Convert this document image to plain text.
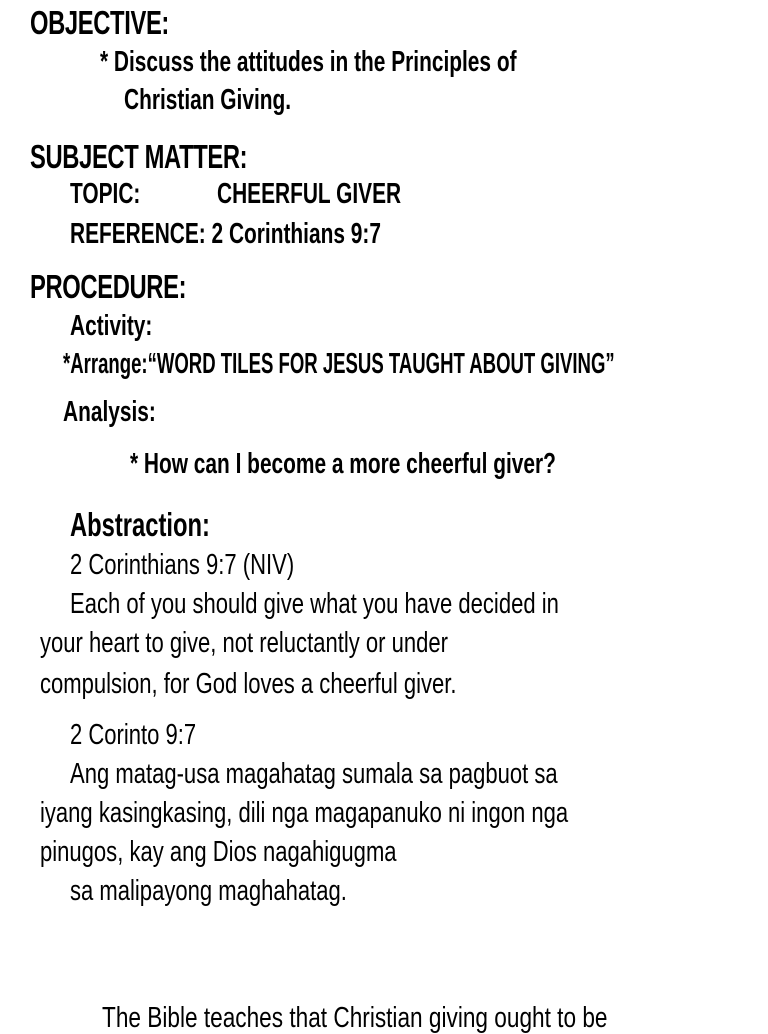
OBJECTIVE:
* Discuss the attitudes in the Principles of
Christian Giving.
SUBJECT MATTER:
TOPIC:	CHEERFUL GIVER
REFERENCE: 2 Corinthians 9:7
PROCEDURE:
Activity:
*Arrange:“WORD TILES FOR JESUS TAUGHT ABOUT GIVING”
Analysis:
* How can I become a more cheerful giver?
Abstraction:
2 Corinthians 9:7 (NIV)
Each of you should give what you have decided in
your heart to give, not reluctantly or under
compulsion, for God loves a cheerful giver.
2 Corinto 9:7
Ang matag-usa magahatag sumala sa pagbuot sa
iyang kasingkasing, dili nga magapanuko ni ingon nga
pinugos, kay ang Dios nagahigugma
sa malipayong maghahatag.
The Bible teaches that Christian giving ought to be
